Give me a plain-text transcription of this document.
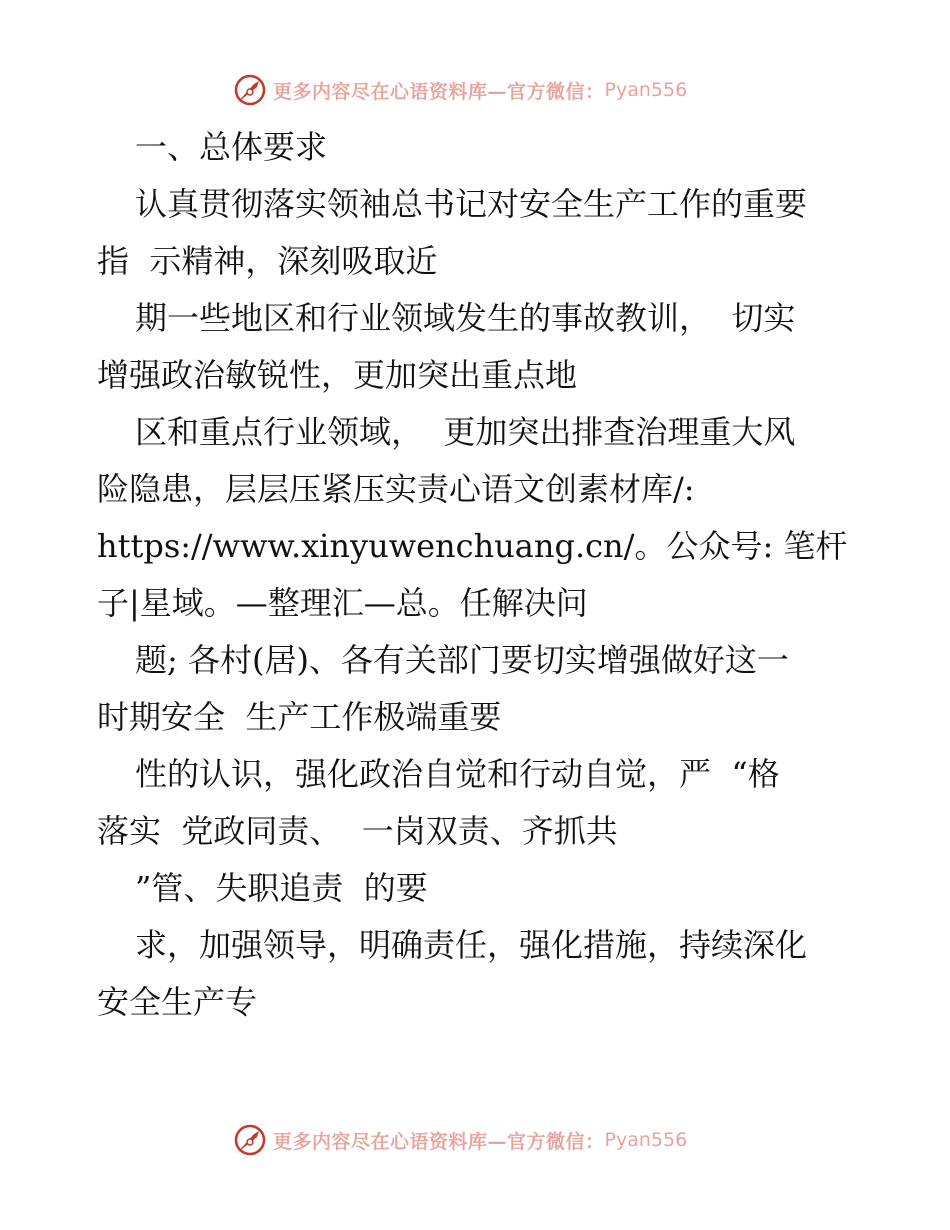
更多内容尽在心语资料库—官方微信： Pyan556
一、总体要求
认真贯彻落实领袖总书记对安全生产工作的重要
指  示精神，深刻吸取近
期一些地区和行业领域发生的事故教训，  切实
增强政治敏锐性，更加突出重点地
区和重点行业领域，  更加突出排查治理重大风
险隐患，层层压紧压实责心语文创素材库/:
https://www.xinyuwenchuang.cn/。公众号: 笔杆
子|星域。—整理汇—总。任解决问
题; 各村(居)、各有关部门要切实增强做好这一
时期安全  生产工作极端重要
性的认识，强化政治自觉和行动自觉，严  “格
落实  党政同责、  一岗双责、齐抓共
”管、失职追责  的要
求，加强领导，明确责任，强化措施，持续深化
安全生产专
更多内容尽在心语资料库—官方微信： Pyan556
